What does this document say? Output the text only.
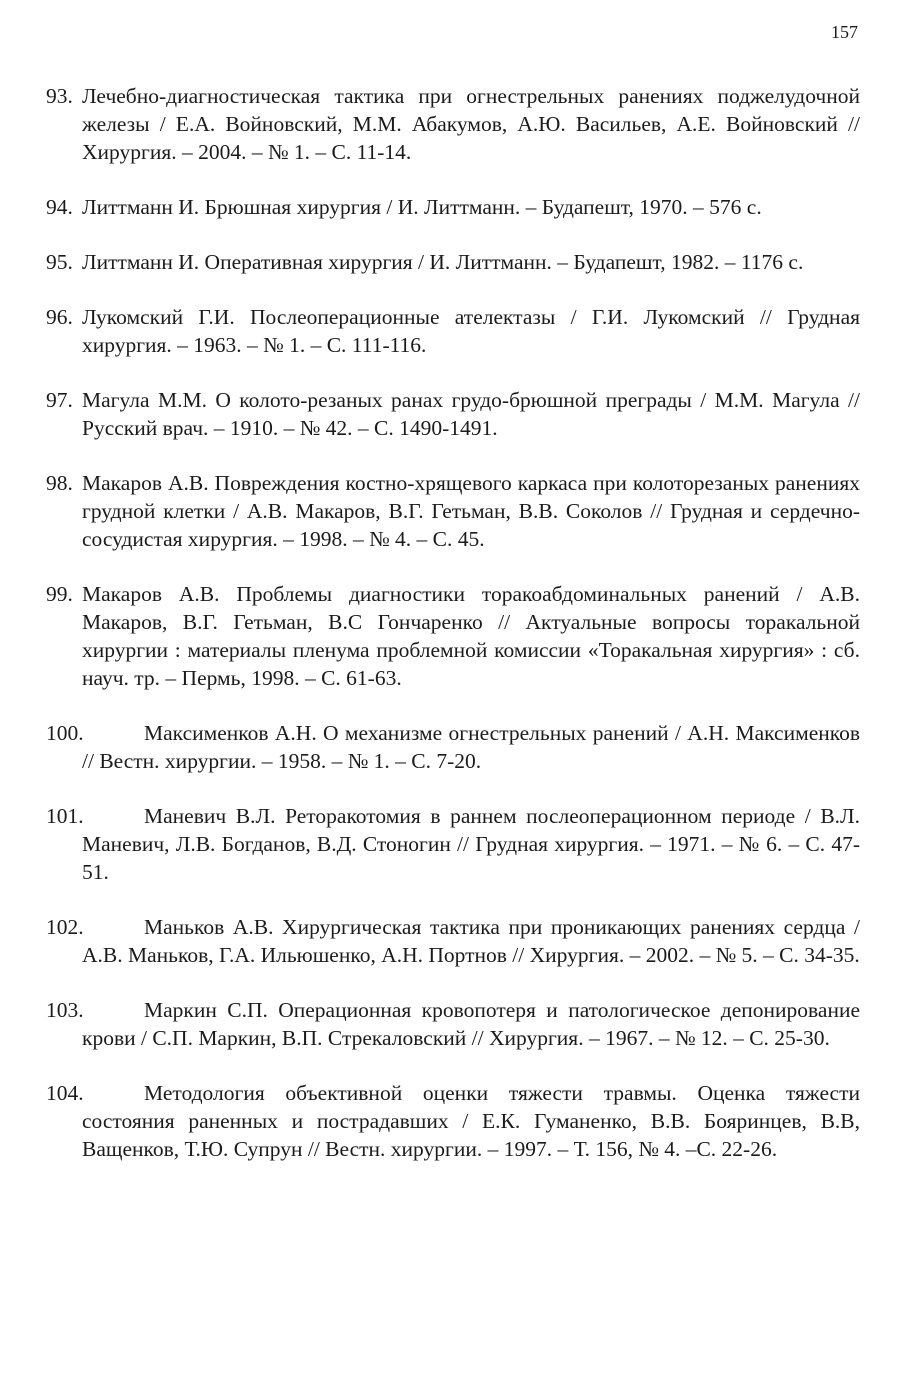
157
93. Лечебно-диагностическая тактика при огнестрельных ранениях поджелудочной железы / Е.А. Войновский, М.М. Абакумов, А.Ю. Васильев, А.Е. Войновский // Хирургия. – 2004. – № 1. – С. 11-14.
94. Литтманн И. Брюшная хирургия / И. Литтманн. – Будапешт, 1970. – 576 с.
95. Литтманн И. Оперативная хирургия / И. Литтманн. – Будапешт, 1982. – 1176 с.
96. Лукомский Г.И. Послеоперационные ателектазы / Г.И. Лукомский // Грудная хирургия. – 1963. – № 1. – С. 111-116.
97. Магула М.М. О колото-резаных ранах грудо-брюшной преграды / М.М. Магула // Русский врач. – 1910. – № 42. – С. 1490-1491.
98. Макаров А.В. Повреждения костно-хрящевого каркаса при колоторезаных ранениях грудной клетки / А.В. Макаров, В.Г. Гетьман, В.В. Соколов // Грудная и сердечно-сосудистая хирургия. – 1998. – № 4. – С. 45.
99. Макаров А.В. Проблемы диагностики торакоабдоминальных ранений / А.В. Макаров, В.Г. Гетьман, В.С Гончаренко // Актуальные вопросы торакальной хирургии : материалы пленума проблемной комиссии «Торакальная хирургия» : сб. науч. тр. – Пермь, 1998. – С. 61-63.
100.	Максименков А.Н. О механизме огнестрельных ранений / А.Н. Максименков // Вестн. хирургии. – 1958. – № 1. – С. 7-20.
101.	Маневич В.Л. Реторакотомия в раннем послеоперационном периоде / В.Л. Маневич, Л.В. Богданов, В.Д. Стоногин // Грудная хирургия. – 1971. – № 6. – С. 47-51.
102.	Маньков А.В. Хирургическая тактика при проникающих ранениях сердца / А.В. Маньков, Г.А. Ильюшенко, А.Н. Портнов // Хирургия. – 2002. – № 5. – С. 34-35.
103.	Маркин С.П. Операционная кровопотеря и патологическое депонирование крови / С.П. Маркин, В.П. Стрекаловский // Хирургия. – 1967. – № 12. – С. 25-30.
104.	Методология объективной оценки тяжести травмы. Оценка тяжести состояния раненных и пострадавших / Е.К. Гуманенко, В.В. Бояринцев, В.В, Ващенков, Т.Ю. Супрун // Вестн. хирургии. – 1997. – Т. 156, № 4. –С. 22-26.
